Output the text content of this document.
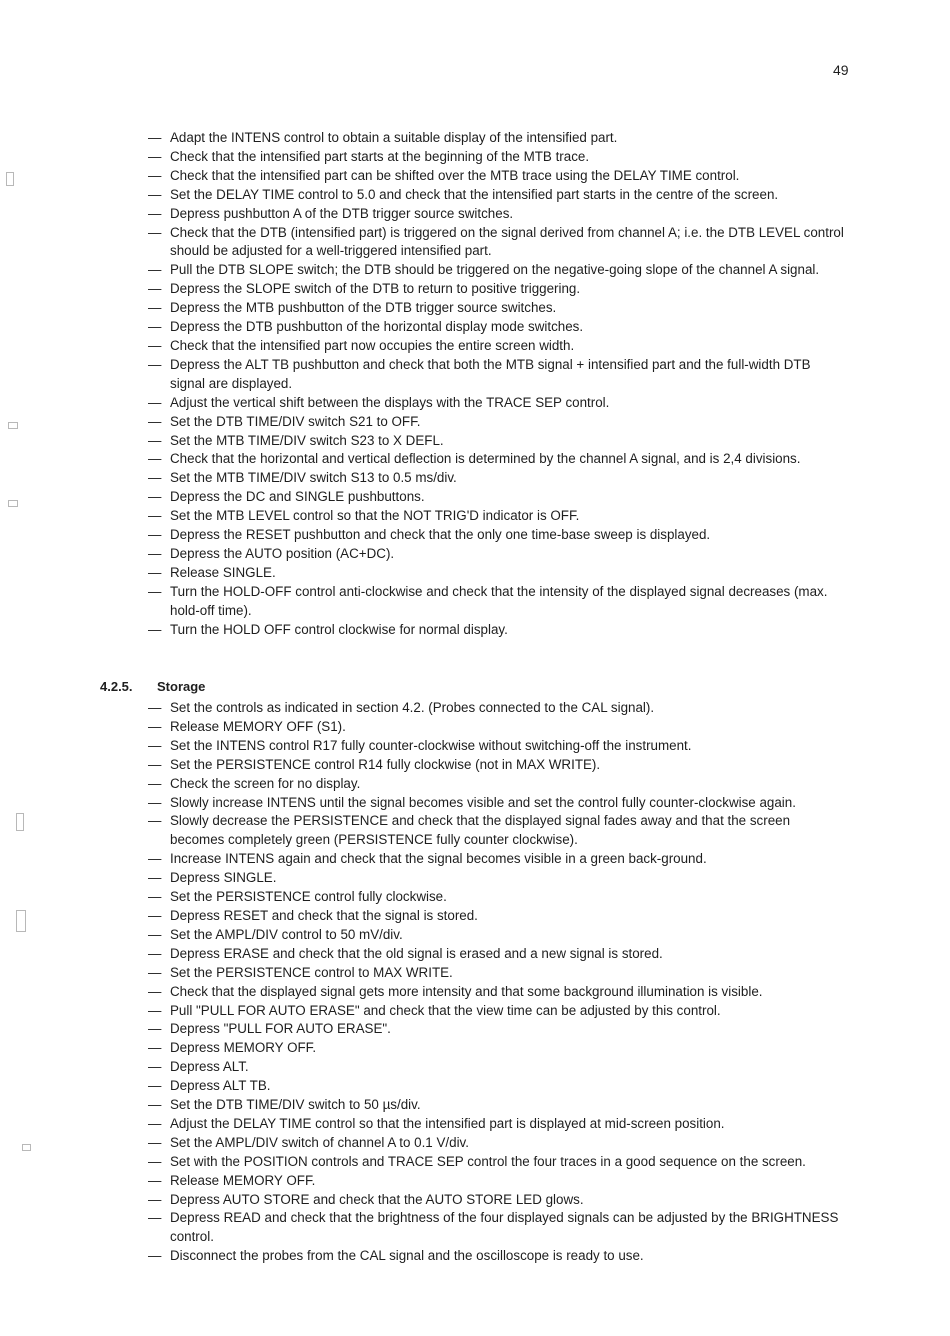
49
— Adapt the INTENS control to obtain a suitable display of the intensified part.
— Check that the intensified part starts at the beginning of the MTB trace.
— Check that the intensified part can be shifted over the MTB trace using the DELAY TIME control.
— Set the DELAY TIME control to 5.0 and check that the intensified part starts in the centre of the screen.
— Depress pushbutton A of the DTB trigger source switches.
— Check that the DTB (intensified part) is triggered on the signal derived from channel A; i.e. the DTB LEVEL control should be adjusted for a well-triggered intensified part.
— Pull the DTB SLOPE switch; the DTB should be triggered on the negative-going slope of the channel A signal.
— Depress the SLOPE switch of the DTB to return to positive triggering.
— Depress the MTB pushbutton of the DTB trigger source switches.
— Depress the DTB pushbutton of the horizontal display mode switches.
— Check that the intensified part now occupies the entire screen width.
— Depress the ALT TB pushbutton and check that both the MTB signal + intensified part and the full-width DTB signal are displayed.
— Adjust the vertical shift between the displays with the TRACE SEP control.
— Set the DTB TIME/DIV switch S21 to OFF.
— Set the MTB TIME/DIV switch S23 to X DEFL.
— Check that the horizontal and vertical deflection is determined by the channel A signal, and is 2,4 divisions.
— Set the MTB TIME/DIV switch S13 to 0.5 ms/div.
— Depress the DC and SINGLE pushbuttons.
— Set the MTB LEVEL control so that the NOT TRIG'D indicator is OFF.
— Depress the RESET pushbutton and check that the only one time-base sweep is displayed.
— Depress the AUTO position (AC+DC).
— Release SINGLE.
— Turn the HOLD-OFF control anti-clockwise and check that the intensity of the displayed signal decreases (max. hold-off time).
— Turn the HOLD OFF control clockwise for normal display.
4.2.5. Storage
— Set the controls as indicated in section 4.2. (Probes connected to the CAL signal).
— Release MEMORY OFF (S1).
— Set the INTENS control R17 fully counter-clockwise without switching-off the instrument.
— Set the PERSISTENCE control R14 fully clockwise (not in MAX WRITE).
— Check the screen for no display.
— Slowly increase INTENS until the signal becomes visible and set the control fully counter-clockwise again.
— Slowly decrease the PERSISTENCE and check that the displayed signal fades away and that the screen becomes completely green (PERSISTENCE fully counter clockwise).
— Increase INTENS again and check that the signal becomes visible in a green back-ground.
— Depress SINGLE.
— Set the PERSISTENCE control fully clockwise.
— Depress RESET and check that the signal is stored.
— Set the AMPL/DIV control to 50 mV/div.
— Depress ERASE and check that the old signal is erased and a new signal is stored.
— Set the PERSISTENCE control to MAX WRITE.
— Check that the displayed signal gets more intensity and that some background illumination is visible.
— Pull "PULL FOR AUTO ERASE" and check that the view time can be adjusted by this control.
— Depress "PULL FOR AUTO ERASE".
— Depress MEMORY OFF.
— Depress ALT.
— Depress ALT TB.
— Set the DTB TIME/DIV switch to 50 µs/div.
— Adjust the DELAY TIME control so that the intensified part is displayed at mid-screen position.
— Set the AMPL/DIV switch of channel A to 0.1 V/div.
— Set with the POSITION controls and TRACE SEP control the four traces in a good sequence on the screen.
— Release MEMORY OFF.
— Depress AUTO STORE and check that the AUTO STORE LED glows.
— Depress READ and check that the brightness of the four displayed signals can be adjusted by the BRIGHTNESS control.
— Disconnect the probes from the CAL signal and the oscilloscope is ready to use.
